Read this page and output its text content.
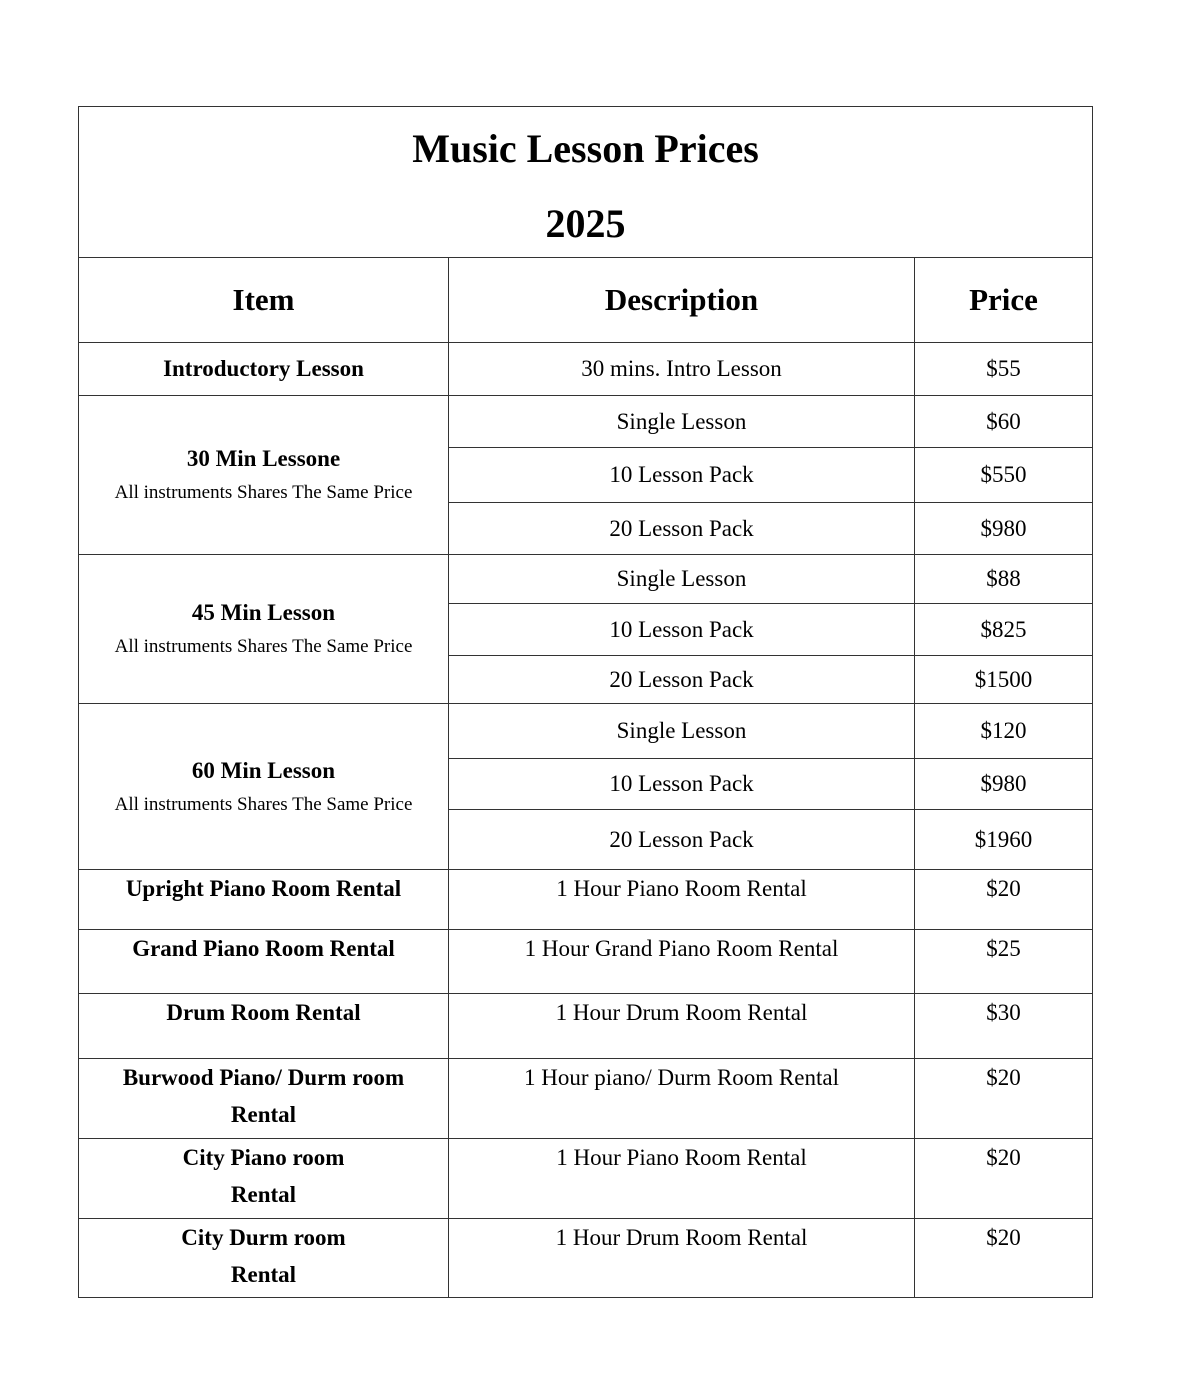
Music Lesson Prices
2025		

Item	Description	Price
Introductory Lesson	30 mins. Intro Lesson	$55

30 Min Lessone
All instruments Shares The Same Price	Single Lesson	$60
	10 Lesson Pack	$550
	20 Lesson Pack	$980

45 Min Lesson
All instruments Shares The Same Price	Single Lesson	$88
	10 Lesson Pack	$825
	20 Lesson Pack	$1500

60 Min Lesson
All instruments Shares The Same Price	Single Lesson	$120
	10 Lesson Pack	$980
	20 Lesson Pack	$1960
Upright Piano Room Rental	1 Hour Piano Room Rental	$20
Grand Piano Room Rental	1 Hour Grand Piano Room Rental	$25
Drum Room Rental	1 Hour Drum Room Rental	$30
Burwood Piano/ Durm room
Rental	1 Hour piano/ Durm Room Rental	$20
City Piano room
Rental	1 Hour Piano Room Rental	$20
City Durm room
Rental	1 Hour Drum Room Rental	$20
